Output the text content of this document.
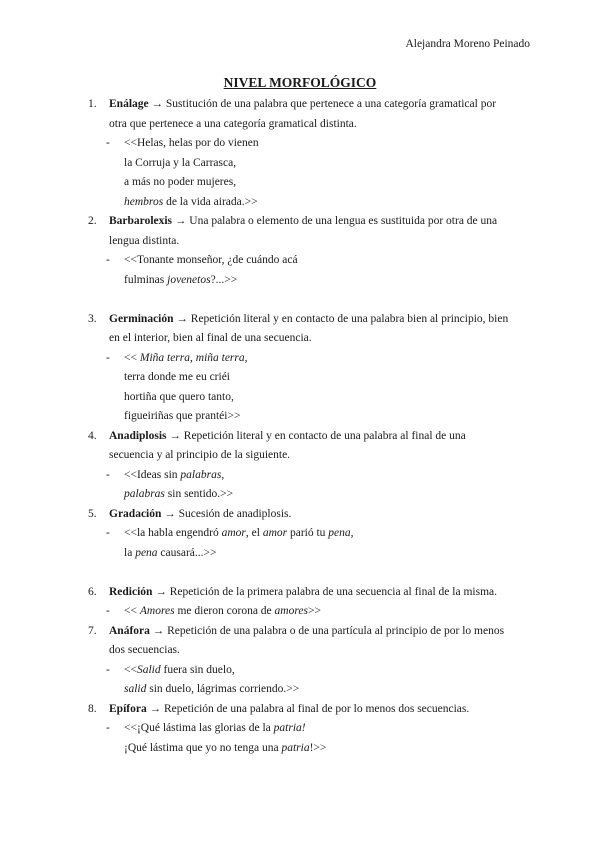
Alejandra Moreno Peinado
NIVEL MORFOLÓGICO
1. Enálage → Sustitución de una palabra que pertenece a una categoría gramatical por
otra que pertenece a una categoría gramatical distinta.
- <<Helas, helas por do vienen
la Corruja y la Carrasca,
a más no poder mujeres,
hembros de la vida airada.>>
2. Barbarolexis → Una palabra o elemento de una lengua es sustituida por otra de una
lengua distinta.
- <<Tonante monseñor, ¿de cuándo acá
fulminas jovenetos?...>>
3. Germinación → Repetición literal y en contacto de una palabra bien al principio, bien
en el interior, bien al final de una secuencia.
- << Miña terra, miña terra,
terra donde me eu criéi
hortiña que quero tanto,
figueiriñas que prantéi>>
4. Anadiplosis → Repetición literal y en contacto de una palabra al final de una
secuencia y al principio de la siguiente.
- <<Ideas sin palabras,
palabras sin sentido.>>
5. Gradación → Sucesión de anadiplosis.
- <<la habla engendró amor, el amor parió tu pena,
la pena causará...>>
6. Redición → Repetición de la primera palabra de una secuencia al final de la misma.
- << Amores me dieron corona de amores>>
7. Anáfora → Repetición de una palabra o de una partícula al principio de por lo menos
dos secuencias.
- <<Salid fuera sin duelo,
salid sin duelo, lágrimas corriendo.>>
8. Epífora → Repetición de una palabra al final de por lo menos dos secuencias.
- <<¡Qué lástima las glorias de la patria!
¡Qué lástima que yo no tenga una patria!>>
